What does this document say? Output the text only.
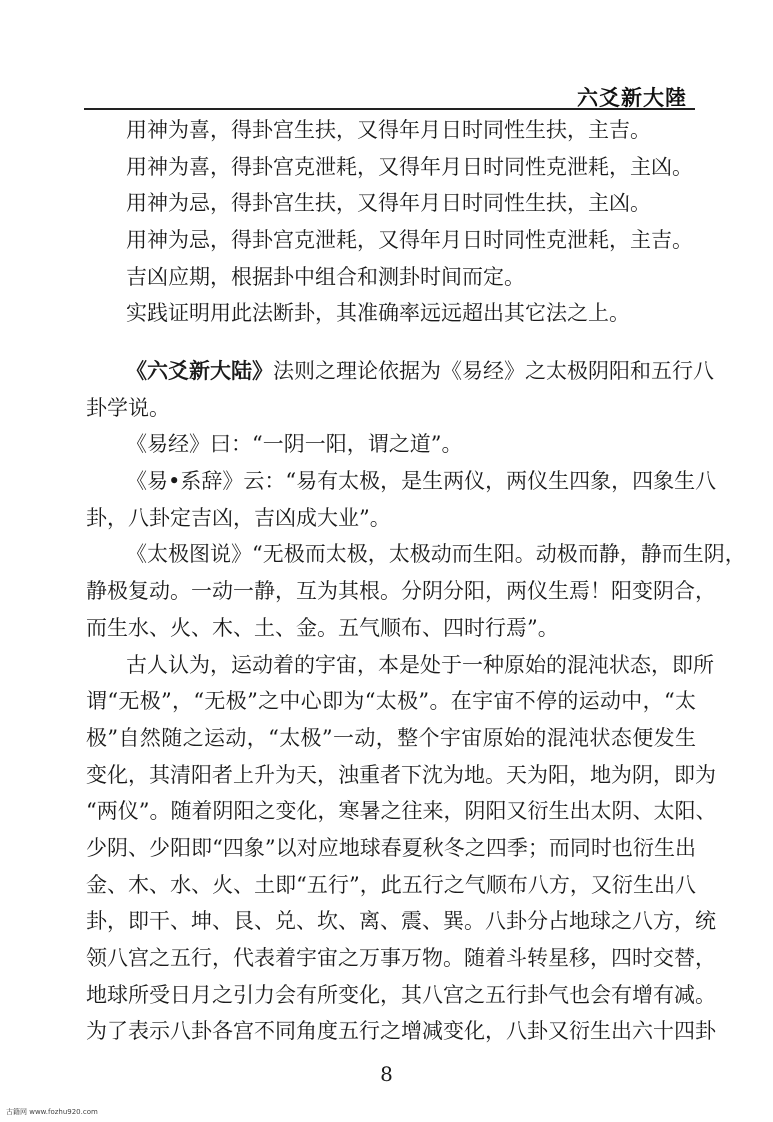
六爻新大陸
用神为喜，得卦宫生扶，又得年月日时同性生扶，主吉。
用神为喜，得卦宫克泄耗，又得年月日时同性克泄耗，主凶。
用神为忌，得卦宫生扶，又得年月日时同性生扶，主凶。
用神为忌，得卦宫克泄耗，又得年月日时同性克泄耗，主吉。
吉凶应期，根据卦中组合和测卦时间而定。
实践证明用此法断卦，其准确率远远超出其它法之上。
《六爻新大陆》法则之理论依据为《易经》之太极阴阳和五行八
卦学说。
《易经》曰：“一阴一阳，谓之道”。
《易•系辞》云：“易有太极，是生两仪，两仪生四象，四象生八
卦，八卦定吉凶，吉凶成大业”。
《太极图说》“无极而太极，太极动而生阳。动极而静，静而生阴，
静极复动。一动一静，互为其根。分阴分阳，两仪生焉！阳变阴合，
而生水、火、木、土、金。五气顺布、四时行焉”。
古人认为，运动着的宇宙，本是处于一种原始的混沌状态，即所
谓“无极”，“无极”之中心即为“太极”。在宇宙不停的运动中，“太
极”自然随之运动，“太极”一动，整个宇宙原始的混沌状态便发生
变化，其清阳者上升为天，浊重者下沈为地。天为阳，地为阴，即为
“两仪”。随着阴阳之变化，寒暑之往来，阴阳又衍生出太阴、太阳、
少阴、少阳即“四象”以对应地球春夏秋冬之四季；而同时也衍生出
金、木、水、火、土即“五行”，此五行之气顺布八方，又衍生出八
卦，即干、坤、艮、兑、坎、离、震、巽。八卦分占地球之八方，统
领八宫之五行，代表着宇宙之万事万物。随着斗转星移，四时交替，
地球所受日月之引力会有所变化，其八宫之五行卦气也会有增有减。
为了表示八卦各宫不同角度五行之增减变化，八卦又衍生出六十四卦
8
古籍网 www.fozhu920.com
